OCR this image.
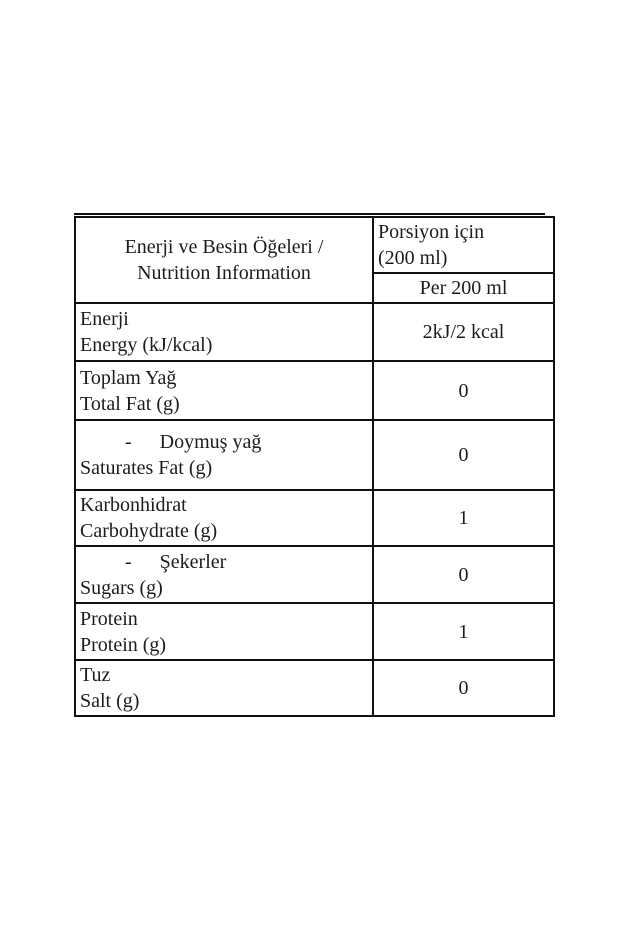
Enerji ve Besin Öğeleri /
Nutrition Information	Porsiyon için
(200 ml)

	Per 200 ml

Enerji
Energy (kJ/kcal)	2kJ/2 kcal

Toplam Yağ
Total Fat (g)	0

- Doymuş yağ
Saturates Fat (g)	0

Karbonhidrat
Carbohydrate (g)	1

- Şekerler
Sugars (g)	0

Protein
Protein (g)	1

Tuz
Salt (g)	0
